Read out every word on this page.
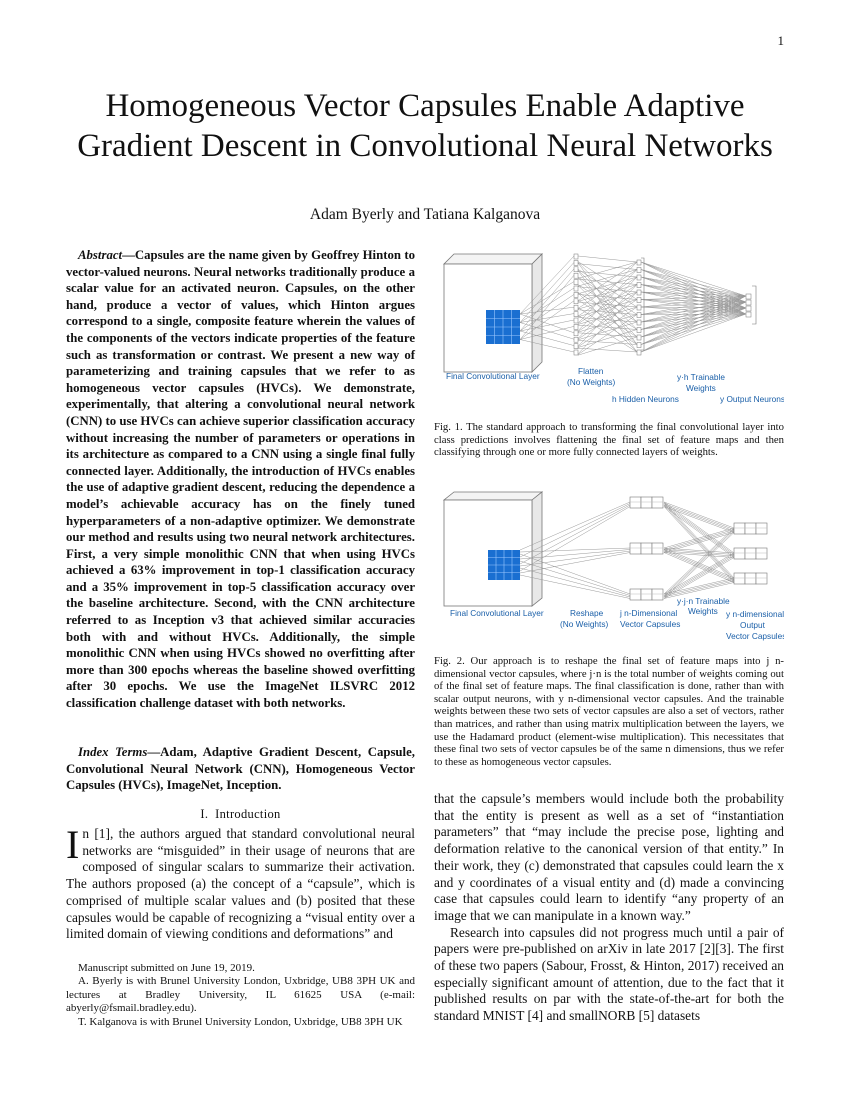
1
Homogeneous Vector Capsules Enable Adaptive Gradient Descent in Convolutional Neural Networks
Adam Byerly and Tatiana Kalganova

Abstract—Capsules are the name given by Geoffrey Hinton to vector-valued neurons. Neural networks traditionally produce a scalar value for an activated neuron. Capsules, on the other hand, produce a vector of values, which Hinton argues correspond to a single, composite feature wherein the values of the components of the vectors indicate properties of the feature such as transformation or contrast. We present a new way of parameterizing and training capsules that we refer to as homogeneous vector capsules (HVCs). We demonstrate, experimentally, that altering a convolutional neural network (CNN) to use HVCs can achieve superior classification accuracy without increasing the number of parameters or operations in its architecture as compared to a CNN using a single final fully connected layer. Additionally, the introduction of HVCs enables the use of adaptive gradient descent, reducing the dependence a model’s achievable accuracy has on the finely tuned hyperparameters of a non-adaptive optimizer. We demonstrate our method and results using two neural network architectures. First, a very simple monolithic CNN that when using HVCs achieved a 63% improvement in top-1 classification accuracy and a 35% improvement in top-5 classification accuracy over the baseline architecture. Second, with the CNN architecture referred to as Inception v3 that achieved similar accuracies both with and without HVCs. Additionally, the simple monolithic CNN when using HVCs showed no overfitting after more than 300 epochs whereas the baseline showed overfitting after 30 epochs. We use the ImageNet ILSVRC 2012 classification challenge dataset with both networks.

Index Terms—Adam, Adaptive Gradient Descent, Capsule, Convolutional Neural Network (CNN), Homogeneous Vector Capsules (HVCs), ImageNet, Inception.

I. Introduction

In [1], the authors argued that standard convolutional neural networks are “misguided” in their usage of neurons that are composed of singular scalars to summarize their activation. The authors proposed (a) the concept of a “capsule”, which is comprised of multiple scalar values and (b) posited that these capsules would be capable of recognizing a “visual entity over a limited domain of viewing conditions and deformations” and

Manuscript submitted on June 19, 2019.

A. Byerly is with Brunel University London, Uxbridge, UB8 3PH UK and lectures at Bradley University, IL 61625 USA (e-mail: abyerly@fsmail.bradley.edu).

T. Kalganova is with Brunel University London, Uxbridge, UB8 3PH UK

Final Convolutional Layer	Flatten
(No Weights)
h Hidden Neurons
y·h Trainable
Weights
y Output Neurons

Fig. 1. The standard approach to transforming the final convolutional layer into class predictions involves flattening the final set of feature maps and then classifying through one or more fully connected layers of weights.

Final Convolutional Layer	Reshape
(No Weights)
j n-Dimensional
Vector Capsules
y·j·n Trainable
Weights y n-dimensional
Output
Vector Capsules

Fig. 2. Our approach is to reshape the final set of feature maps into j n-dimensional vector capsules, where j·n is the total number of weights coming out of the final set of feature maps. The final classification is done, rather than with scalar output neurons, with y n-dimensional vector capsules. And the trainable weights between these two sets of vector capsules are also a set of vectors, rather than matrices, and rather than using matrix multiplication between the layers, we use the Hadamard product (element-wise multiplication). This necessitates that these final two sets of vector capsules be of the same n dimensions, thus we refer to these as homogeneous vector capsules.

that the capsule’s members would include both the probability that the entity is present as well as a set of “instantiation parameters” that “may include the precise pose, lighting and deformation relative to the canonical version of that entity.” In their work, they (c) demonstrated that capsules could learn the x and y coordinates of a visual entity and (d) made a convincing case that capsules could learn to identify “any property of an image that we can manipulate in a known way.”

Research into capsules did not progress much until a pair of papers were pre-published on arXiv in late 2017 [2][3]. The first of these two papers (Sabour, Frosst, & Hinton, 2017) received an especially significant amount of attention, due to the fact that it published results on par with the state-of-the-art for both the standard MNIST [4] and smallNORB [5] datasets
